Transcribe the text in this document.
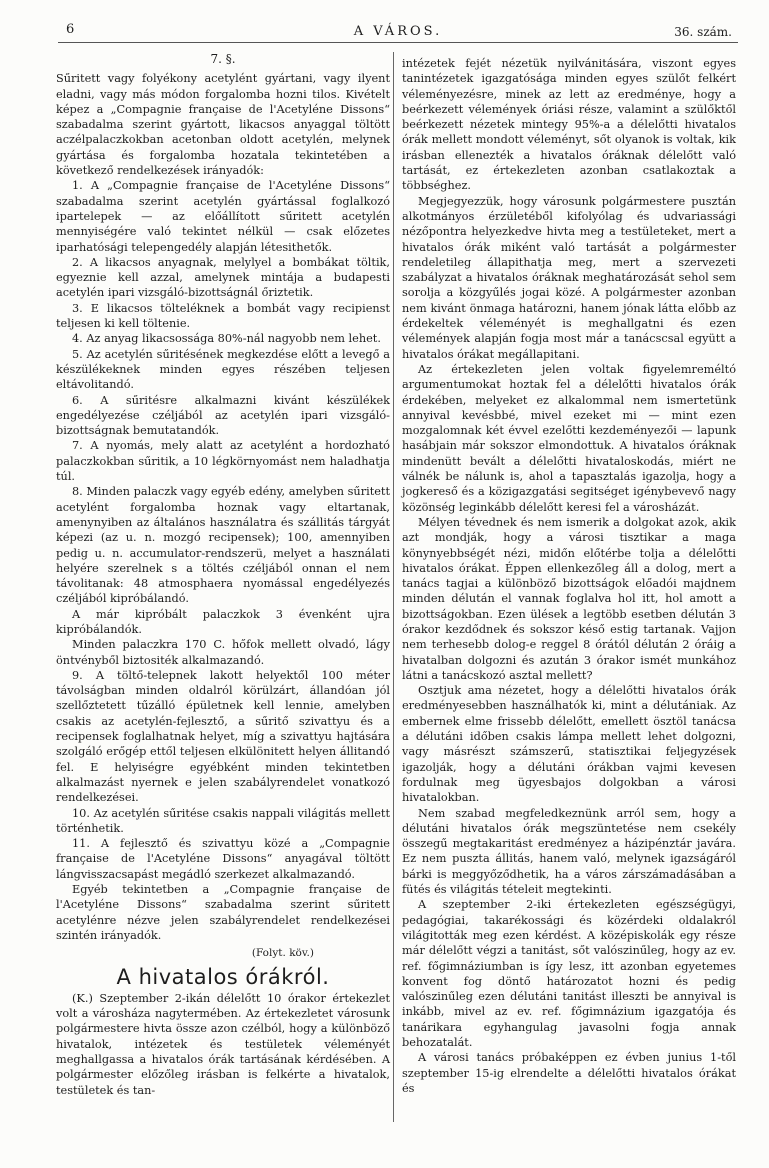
6	A VÁROS.	36. szám.
7. §.

Sűritett vagy folyékony acetylént gyártani, vagy ilyent eladni, vagy más módon forgalomba hozni tilos. Kivételt képez a „Compagnie française de l'Acetyléne Dissons“ szabadalma szerint gyártott, likacsos anyaggal töltött aczélpalaczkokban acetonban oldott acetylén, melynek gyártása és forgalomba hozatala tekintetében a következő rendelkezések irányadók:

1. A „Compagnie française de l'Acetyléne Dissons“ szabadalma szerint acetylén gyártással foglalkozó ipartelepek — az előállított sűritett acetylén mennyiségére való tekintet nélkül — csak előzetes iparhatósági telepengedély alapján létesithetők.

2. A likacsos anyagnak, melylyel a bombákat töltik, egyeznie kell azzal, amelynek mintája a budapesti acetylén ipari vizsgáló-bizottságnál őriztetik.

3. E likacsos tölteléknek a bombát vagy recipienst teljesen ki kell töltenie.

4. Az anyag likacsossága 80%-nál nagyobb nem lehet.

5. Az acetylén sűritésének megkezdése előtt a levegő a készülékeknek minden egyes részében teljesen eltávolitandó.

6. A sűritésre alkalmazni kivánt készülékek engedélyezése czéljából az acetylén ipari vizsgáló-bizottságnak bemutatandók.

7. A nyomás, mely alatt az acetylént a hordozható palaczkokban sűritik, a 10 légkörnyomást nem haladhatja túl.

8. Minden palaczk vagy egyéb edény, amelyben sűritett acetylént forgalomba hoznak vagy eltartanak, amenynyiben az általános használatra és szállitás tárgyát képezi (az u. n. mozgó recipensek); 100, amennyiben pedig u. n. accumulator-rendszerü, melyet a használati helyére szerelnek s a töltés czéljából onnan el nem távolitanak: 48 atmosphaera nyomással engedélyezés czéljából kipróbálandó.

A már kipróbált palaczkok 3 évenként ujra kipróbálandók.

Minden palaczkra 170 C. hőfok mellett olvadó, lágy öntvényből biztositék alkalmazandó.

9. A töltő-telepnek lakott helyektől 100 méter távolságban minden oldalról körülzárt, állandóan jól szellőztetett tűzálló épületnek kell lennie, amelyben csakis az acetylén-fejlesztő, a sűritő szivattyu és a recipensek foglalhatnak helyet, míg a szivattyu hajtására szolgáló erőgép ettől teljesen elkülönitett helyen állitandó fel. E helyiségre egyébként minden tekintetben alkalmazást nyernek e jelen szabályrendelet vonatkozó rendelkezései.

10. Az acetylén sűritése csakis nappali világitás mellett történhetik.

11. A fejlesztő és szivattyu közé a „Compagnie française de l'Acetyléne Dissons“ anyagával töltött lángvisszacsapást megádló szerkezet alkalmazandó.

Egyéb tekintetben a „Compagnie française de l'Acetyléne Dissons“ szabadalma szerint sűritett acetylénre nézve jelen szabályrendelet rendelkezései szintén irányadók.

(Folyt. köv.)
A hivatalos órákról.

(K.) Szeptember 2-ikán délelőtt 10 órakor értekezlet volt a városháza nagytermében. Az értekezletet városunk polgármestere hivta össze azon czélból, hogy a különböző hivatalok, intézetek és testületek véleményét meghallgassa a hivatalos órák tartásának kérdésében. A polgármester előzőleg irásban is felkérte a hivatalok, testületek és tan-

intézetek fejét nézetük nyilvánitására, viszont egyes tanintézetek igazgatósága minden egyes szülőt felkért véleményezésre, minek az lett az eredménye, hogy a beérkezett vélemények óriási része, valamint a szülőktől beérkezett nézetek mintegy 95%-a a délelőtti hivatalos órák mellett mondott véleményt, sőt olyanok is voltak, kik irásban ellenezték a hivatalos óráknak délelőtt való tartását, ez értekezleten azonban csatlakoztak a többséghez.

Megjegyezzük, hogy városunk polgármestere pusztán alkotmányos érzületéből kifolyólag és udvariassági nézőpontra helyezkedve hivta meg a testületeket, mert a hivatalos órák miként való tartását a polgármester rendeletileg állapithatja meg, mert a szervezeti szabályzat a hivatalos óráknak meghatározását sehol sem sorolja a közgyűlés jogai közé. A polgármester azonban nem kivánt önmaga határozni, hanem jónak látta előbb az érdekeltek véleményét is meghallgatni és ezen vélemények alapján fogja most már a tanácscsal együtt a hivatalos órákat megállapitani.

Az értekezleten jelen voltak figyelemreméltó argumentumokat hoztak fel a délelőtti hivatalos órák érdekében, melyeket ez alkalommal nem ismertetünk annyival kevésbbé, mivel ezeket mi — mint ezen mozgalomnak két évvel ezelőtti kezdeményezői — lapunk hasábjain már sokszor elmondottuk. A hivatalos óráknak mindenütt bevált a délelőtti hivataloskodás, miért ne válnék be nálunk is, ahol a tapasztalás igazolja, hogy a jogkereső és a közigazgatási segitséget igénybevevő nagy közönség leginkább délelőtt keresi fel a városházát.

Mélyen tévednek és nem ismerik a dolgokat azok, akik azt mondják, hogy a városi tisztikar a maga könynyebbségét nézi, midőn előtérbe tolja a délelőtti hivatalos órákat. Éppen ellenkezőleg áll a dolog, mert a tanács tagjai a különböző bizottságok előadói majdnem minden délután el vannak foglalva hol itt, hol amott a bizottságokban. Ezen ülések a legtöbb esetben délután 3 órakor kezdődnek és sokszor késő estig tartanak. Vajjon nem terhesebb dolog-e reggel 8 órától délután 2 óráig a hivatalban dolgozni és azután 3 órakor ismét munkához látni a tanácskozó asztal mellett?

Osztjuk ama nézetet, hogy a délelőtti hivatalos órák eredményesebben használhatók ki, mint a délutániak. Az embernek elme frissebb délelőtt, emellett ösztöl tanácsa a délutáni időben csakis lámpa mellett lehet dolgozni, vagy másrészt számszerű, statisztikai feljegyzések igazolják, hogy a délutáni órákban vajmi kevesen fordulnak meg ügyesbajos dolgokban a városi hivatalokban.

Nem szabad megfeledkeznünk arról sem, hogy a délutáni hivatalos órák megszüntetése nem csekély összegű megtakaritást eredményez a házipénztár javára. Ez nem puszta állitás, hanem való, melynek igazságáról bárki is meggyőződhetik, ha a város zárszámadásában a fütés és világitás tételeit megtekinti.

A szeptember 2-iki értekezleten egészségügyi, pedagógiai, takarékossági és közérdeki oldalakról világitották meg ezen kérdést. A középiskolák egy része már délelőtt végzi a tanitást, sőt valószinűleg, hogy az ev. ref. főgimnáziumban is így lesz, itt azonban egyetemes konvent fog döntő határozatot hozni és pedig valószinűleg ezen délutáni tanitást illeszti be annyival is inkább, mivel az ev. ref. főgimnázium igazgatója és tanárikara egyhangulag javasolni fogja annak behozatalát.

A városi tanács próbaképpen ez évben junius 1-től szeptember 15-ig elrendelte a délelőtti hivatalos órákat és
